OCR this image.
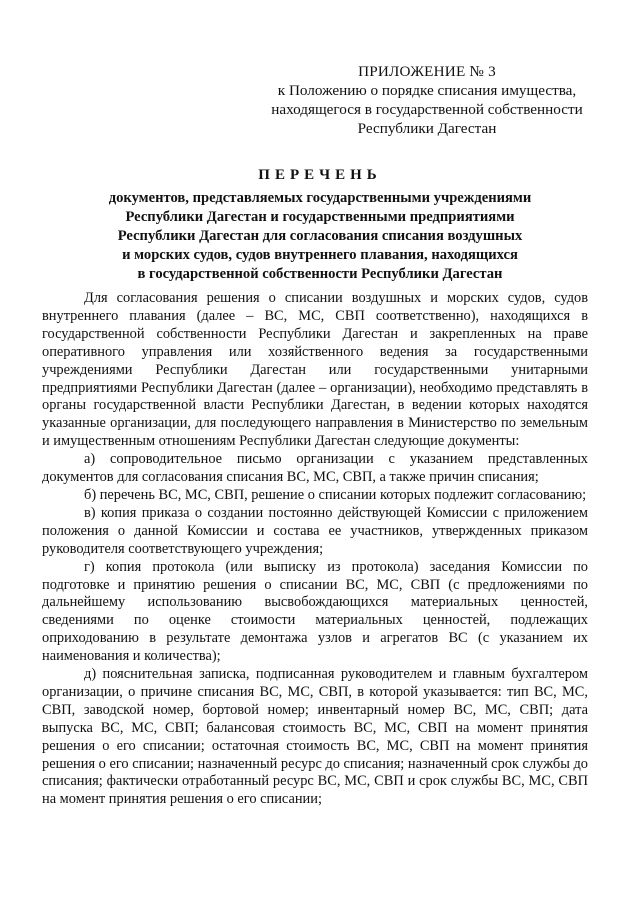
ПРИЛОЖЕНИЕ № 3
к Положению о порядке списания имущества,
находящегося в государственной собственности
Республики Дагестан
ПЕРЕЧЕНЬ
документов, представляемых государственными учреждениями
Республики Дагестан и государственными предприятиями
Республики Дагестан для согласования списания воздушных
и морских судов, судов внутреннего плавания, находящихся
в государственной собственности Республики Дагестан

Для согласования решения о списании воздушных и морских судов, судов внутреннего плавания (далее – ВС, МС, СВП соответственно), находящихся в государственной собственности Республики Дагестан и закрепленных на праве оперативного управления или хозяйственного ведения за государственными учреждениями Республики Дагестан или государственными унитарными предприятиями Республики Дагестан (далее – организации), необходимо представлять в органы государственной власти Республики Дагестан, в ведении которых находятся указанные организации, для последующего направления в Министерство по земельным и имущественным отношениям Республики Дагестан следующие документы:

а) сопроводительное письмо организации с указанием представленных документов для согласования списания ВС, МС, СВП, а также причин списания;

б) перечень ВС, МС, СВП, решение о списании которых подлежит согласованию;

в) копия приказа о создании постоянно действующей Комиссии с приложением положения о данной Комиссии и состава ее участников, утвержденных приказом руководителя соответствующего учреждения;

г) копия протокола (или выписку из протокола) заседания Комиссии по подготовке и принятию решения о списании ВС, МС, СВП (с предложениями по дальнейшему использованию высвобождающихся материальных ценностей, сведениями по оценке стоимости материальных ценностей, подлежащих оприходованию в результате демонтажа узлов и агрегатов ВС (с указанием их наименования и количества);

д) пояснительная записка, подписанная руководителем и главным бухгалтером организации, о причине списания ВС, МС, СВП, в которой указывается: тип ВС, МС, СВП, заводской номер, бортовой номер; инвентарный номер ВС, МС, СВП; дата выпуска ВС, МС, СВП; балансовая стоимость ВС, МС, СВП на момент принятия решения о его списании; остаточная стоимость ВС, МС, СВП на момент принятия решения о его списании; назначенный ресурс до списания; назначенный срок службы до списания; фактически отработанный ресурс ВС, МС, СВП и срок службы ВС, МС, СВП на момент принятия решения о его списании;
